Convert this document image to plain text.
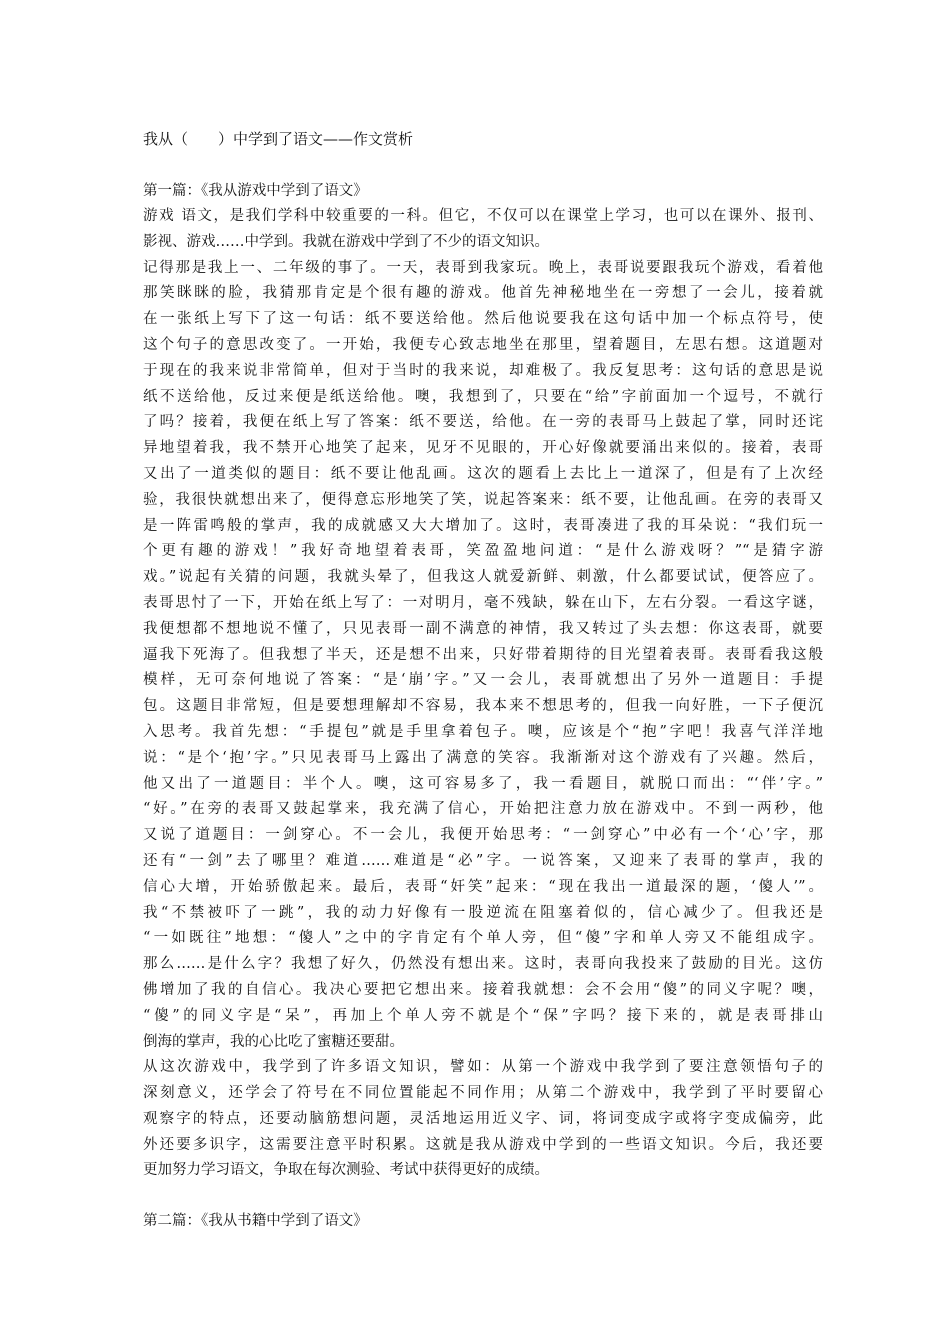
我从（　　）中学到了语文——作文赏析
第一篇：《我从游戏中学到了语文》
游戏 语文，是我们学科中较重要的一科。但它，不仅可以在课堂上学习，也可以在课外、报刊、
影视、游戏……中学到。我就在游戏中学到了不少的语文知识。
记得那是我上一、二年级的事了。一天，表哥到我家玩。晚上，表哥说要跟我玩个游戏，看着他
那笑眯眯的脸，我猜那肯定是个很有趣的游戏。他首先神秘地坐在一旁想了一会儿，接着就
在一张纸上写下了这一句话：纸不要送给他。然后他说要我在这句话中加一个标点符号，使
这个句子的意思改变了。一开始，我便专心致志地坐在那里，望着题目，左思右想。这道题对
于现在的我来说非常简单，但对于当时的我来说，却难极了。我反复思考：这句话的意思是说
纸不送给他，反过来便是纸送给他。噢，我想到了，只要在“给”字前面加一个逗号，不就行
了吗？接着，我便在纸上写了答案：纸不要送，给他。在一旁的表哥马上鼓起了掌，同时还诧
异地望着我，我不禁开心地笑了起来，见牙不见眼的，开心好像就要涌出来似的。接着，表哥
又出了一道类似的题目：纸不要让他乱画。这次的题看上去比上一道深了，但是有了上次经
验，我很快就想出来了，便得意忘形地笑了笑，说起答案来：纸不要，让他乱画。在旁的表哥又
是一阵雷鸣般的掌声，我的成就感又大大增加了。这时，表哥凑进了我的耳朵说：“我们玩一
个更有趣的游戏！”我好奇地望着表哥，笑盈盈地问道：“是什么游戏呀？”“是猜字游
戏。”说起有关猜的问题，我就头晕了，但我这人就爱新鲜、刺激，什么都要试试，便答应了。
表哥思忖了一下，开始在纸上写了：一对明月，毫不残缺，躲在山下，左右分裂。一看这字谜，
我便想都不想地说不懂了，只见表哥一副不满意的神情，我又转过了头去想：你这表哥，就要
逼我下死海了。但我想了半天，还是想不出来，只好带着期待的目光望着表哥。表哥看我这般
模样，无可奈何地说了答案：“是‘崩’字。”又一会儿，表哥就想出了另外一道题目：手提
包。这题目非常短，但是要想理解却不容易，我本来不想思考的，但我一向好胜，一下子便沉
入思考。我首先想：“手提包”就是手里拿着包子。噢，应该是个“抱”字吧！我喜气洋洋地
说：“是个‘抱’字。”只见表哥马上露出了满意的笑容。我渐渐对这个游戏有了兴趣。然后，
他又出了一道题目：半个人。噢，这可容易多了，我一看题目，就脱口而出：“‘伴’字。”
“好。”在旁的表哥又鼓起掌来，我充满了信心，开始把注意力放在游戏中。不到一两秒，他
又说了道题目：一剑穿心。不一会儿，我便开始思考：“一剑穿心”中必有一个‘心’字，那
还有“一剑”去了哪里？难道……难道是“必”字。一说答案，又迎来了表哥的掌声，我的
信心大增，开始骄傲起来。最后，表哥“奸笑”起来：“现在我出一道最深的题，‘傻人’”。
我“不禁被吓了一跳”，我的动力好像有一股逆流在阻塞着似的，信心减少了。但我还是
“一如既往”地想：“傻人”之中的字肯定有个单人旁，但“傻”字和单人旁又不能组成字。
那么……是什么字？我想了好久，仍然没有想出来。这时，表哥向我投来了鼓励的目光。这仿
佛增加了我的自信心。我决心要把它想出来。接着我就想：会不会用“傻”的同义字呢？噢，
“傻”的同义字是“呆”，再加上个单人旁不就是个“保”字吗？接下来的，就是表哥排山
倒海的掌声，我的心比吃了蜜糖还要甜。
从这次游戏中，我学到了许多语文知识，譬如：从第一个游戏中我学到了要注意领悟句子的
深刻意义，还学会了符号在不同位置能起不同作用；从第二个游戏中，我学到了平时要留心
观察字的特点，还要动脑筋想问题，灵活地运用近义字、词，将词变成字或将字变成偏旁，此
外还要多识字，这需要注意平时积累。这就是我从游戏中学到的一些语文知识。今后，我还要
更加努力学习语文，争取在每次测验、考试中获得更好的成绩。
第二篇：《我从书籍中学到了语文》
